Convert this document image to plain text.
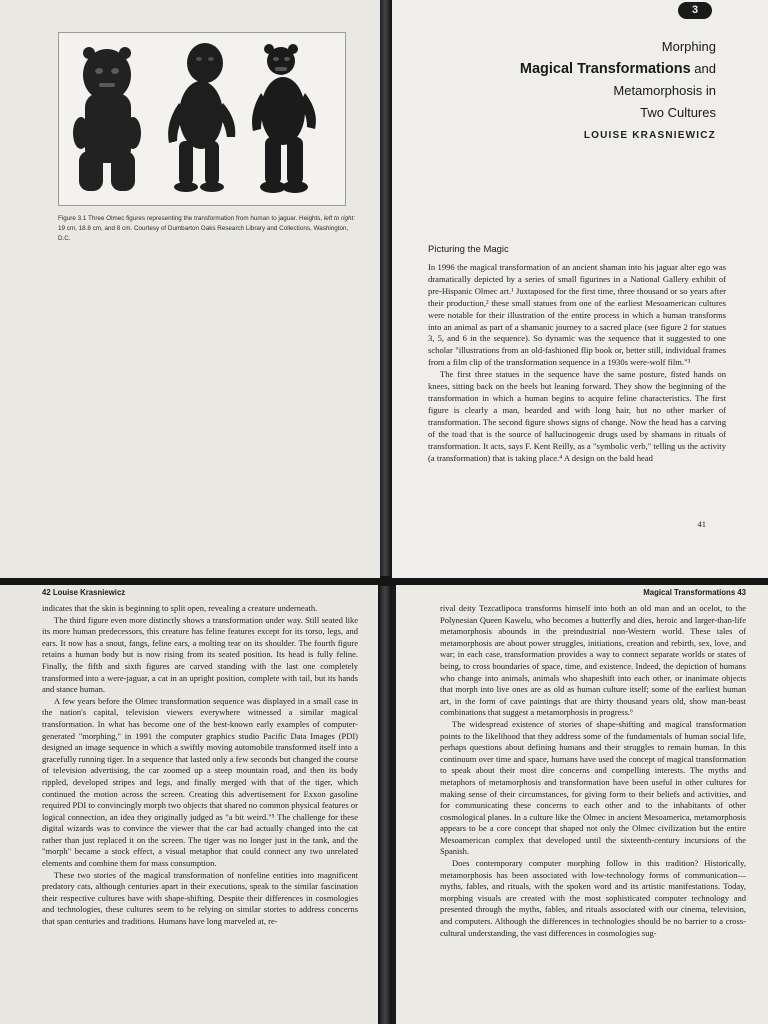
Figure 3.1 Three Olmec figures representing the transformation from human to jaguar. Heights, left to right: 19 cm, 18.8 cm, and 8 cm. Courtesy of Dumbarton Oaks Research Library and Collections, Washington, D.C.
3
Morphing
Magical Transformations and
Metamorphosis in
Two Cultures
LOUISE KRASNIEWICZ
Picturing the Magic

In 1996 the magical transformation of an ancient shaman into his jaguar alter ego was dramatically depicted by a series of small figurines in a National Gallery exhibit of pre-Hispanic Olmec art.¹ Juxtaposed for the first time, three thousand or so years after their production,² these small statues from one of the earliest Mesoamerican cultures were notable for their illustration of the entire process in which a human transforms into an animal as part of a shamanic journey to a sacred place (see figure 2 for statues 3, 5, and 6 in the sequence). So dynamic was the sequence that it suggested to one scholar "illustrations from an old-fashioned flip book or, better still, individual frames from a film clip of the transformation sequence in a 1930s were-wolf film."³

The first three statues in the sequence have the same posture, fisted hands on knees, sitting back on the heels but leaning forward. They show the beginning of the transformation in which a human begins to acquire feline characteristics. The first figure is clearly a man, bearded and with long hair, but no other marker of transformation. The second figure shows signs of change. Now the head has a carving of the toad that is the source of hallucinogenic drugs used by shamans in rituals of transformation. It acts, says F. Kent Reilly, as a "symbolic verb," telling us the activity (a transformation) that is taking place.⁴ A design on the bald head

41
42 Louise Krasniewicz

indicates that the skin is beginning to split open, revealing a creature underneath.

The third figure even more distinctly shows a transformation under way. Still seated like its more human predecessors, this creature has feline features except for its torso, legs, and ears. It now has a snout, fangs, feline ears, a molting tear on its shoulder. The fourth figure retains a human body but is now rising from its seated position. Its head is fully feline. Finally, the fifth and sixth figures are carved standing with the last one completely transformed into a were-jaguar, a cat in an upright position, complete with tail, but its hands and stance human.

A few years before the Olmec transformation sequence was displayed in a small case in the nation's capital, television viewers everywhere witnessed a similar magical transformation. In what has become one of the best-known early examples of computer-generated "morphing," in 1991 the computer graphics studio Pacific Data Images (PDI) designed an image sequence in which a swiftly moving automobile transformed itself into a gracefully running tiger. In a sequence that lasted only a few seconds but changed the course of television advertising, the car zoomed up a steep mountain road, and then its body rippled, developed stripes and legs, and finally merged with that of the tiger, which continued the motion across the screen. Creating this advertisement for Exxon gasoline required PDI to convincingly morph two objects that shared no common physical features or logical connection, an idea they originally judged as "a bit weird."⁵ The challenge for these digital wizards was to convince the viewer that the car had actually changed into the cat rather than just replaced it on the screen. The tiger was no longer just in the tank, and the "morph" became a stock effect, a visual metaphor that could connect any two unrelated elements and combine them for mass consumption.

These two stories of the magical transformation of nonfeline entities into magnificent predatory cats, although centuries apart in their executions, speak to the similar fascination their respective cultures have with shape-shifting. Despite their differences in cosmologies and technologies, these cultures seem to be relying on similar stories to address concerns that span centuries and traditions. Humans have long marveled at, re-

Magical Transformations 43

rival deity Tezcatlipoca transforms himself into both an old man and an ocelot, to the Polynesian Queen Kawelu, who becomes a butterfly and dies, heroic and larger-than-life metamorphosis abounds in the preindustrial non-Western world. These tales of metamorphosis are about power struggles, initiations, creation and rebirth, sex, love, and war; in each case, transformation provides a way to connect separate worlds or states of being, to cross boundaries of space, time, and existence. Indeed, the depiction of humans who change into animals, animals who shapeshift into each other, or inanimate objects that morph into live ones are as old as human culture itself; some of the earliest human art, in the form of cave paintings that are thirty thousand years old, show man-beast combinations that suggest a metamorphosis in progress.⁶

The widespread existence of stories of shape-shifting and magical transformation points to the likelihood that they address some of the fundamentals of human social life, perhaps questions about defining humans and their struggles to remain human. In this continuum over time and space, humans have used the concept of magical transformation to speak about their most dire concerns and compelling interests. The myths and metaphors of metamorphosis and transformation have been useful in other cultures for making sense of their circumstances, for giving form to their beliefs and activities, and for communicating these concerns to each other and to the inhabitants of other cosmological planes. In a culture like the Olmec in ancient Mesoamerica, metamorphosis appears to be a core concept that shaped not only the Olmec civilization but the entire Mesoamerican complex that developed until the sixteenth-century incursions of the Spanish.

Does contemporary computer morphing follow in this tradition? Historically, metamorphosis has been associated with low-technology forms of communication—myths, fables, and rituals, with the spoken word and its artistic manifestations. Today, morphing visuals are created with the most sophisticated computer technology and presented through the myths, fables, and rituals associated with our cinema, television, and computers. Although the differences in technologies should be no barrier to a cross-cultural understanding, the vast differences in cosmologies sug-
